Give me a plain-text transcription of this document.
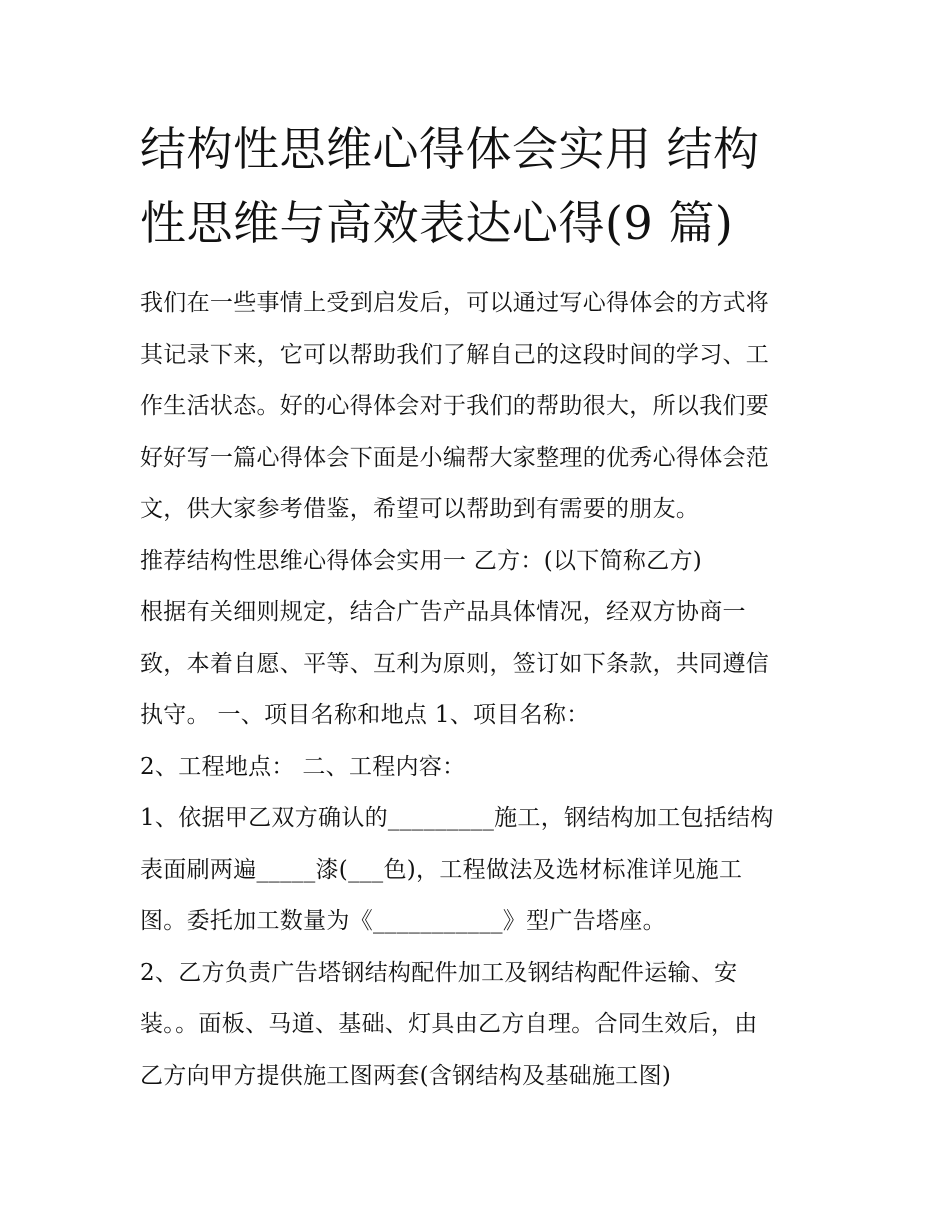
结构性思维心得体会实用 结构
性思维与高效表达心得(9 篇)
我们在一些事情上受到启发后，可以通过写心得体会的方式将
其记录下来，它可以帮助我们了解自己的这段时间的学习、工
作生活状态。好的心得体会对于我们的帮助很大，所以我们要
好好写一篇心得体会下面是小编帮大家整理的优秀心得体会范
文，供大家参考借鉴，希望可以帮助到有需要的朋友。
推荐结构性思维心得体会实用一 乙方：(以下简称乙方)
根据有关细则规定，结合广告产品具体情况，经双方协商一
致，本着自愿、平等、互利为原则，签订如下条款，共同遵信
执守。 一、项目名称和地点 1、项目名称：
2、工程地点： 二、工程内容：
1、依据甲乙双方确认的_________施工，钢结构加工包括结构
表面刷两遍_____漆(___色)，工程做法及选材标准详见施工
图。委托加工数量为《___________》型广告塔座。
2、乙方负责广告塔钢结构配件加工及钢结构配件运输、安
装。。面板、马道、基础、灯具由乙方自理。合同生效后，由
乙方向甲方提供施工图两套(含钢结构及基础施工图)
